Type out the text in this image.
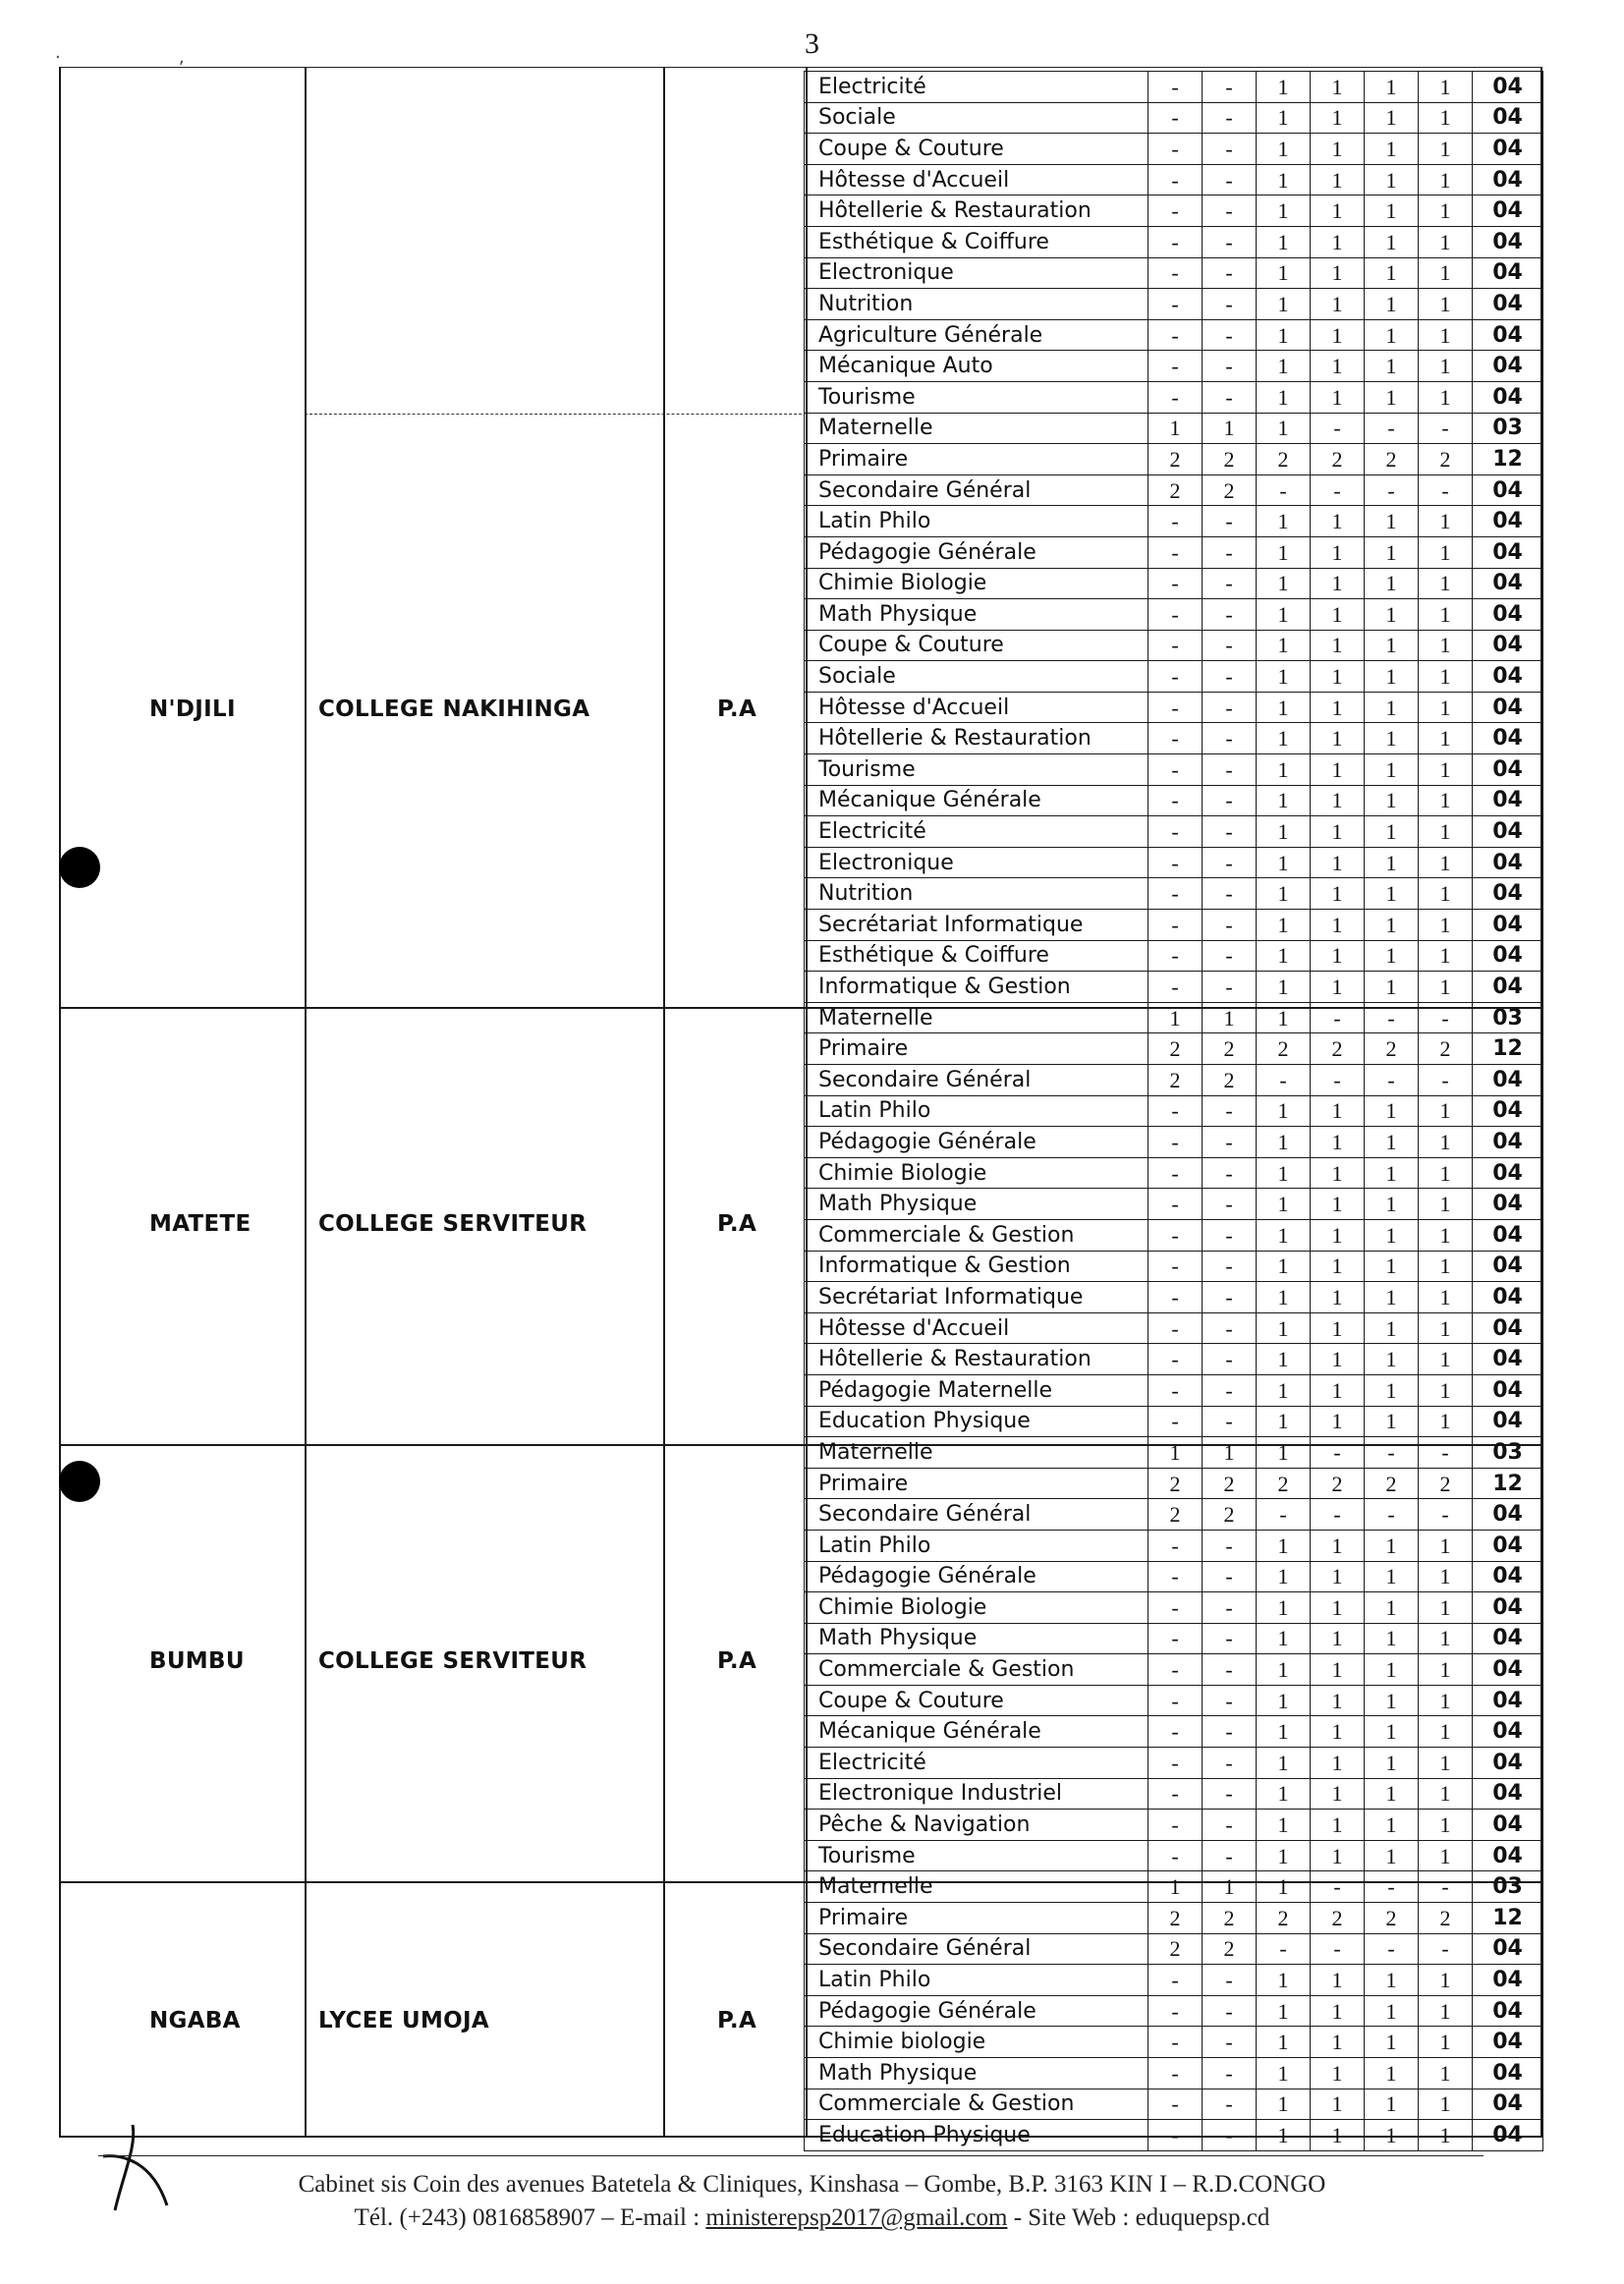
3
·                     ,
N'DJILI	COLLEGE NAKIHINGA	P.A
MATETE	COLLEGE SERVITEUR	P.A
BUMBU	COLLEGE SERVITEUR	P.A
NGABA	LYCEE UMOJA	P.A
Electricité	-	-	1	1	1	1	04
Sociale	-	-	1	1	1	1	04
Coupe & Couture	-	-	1	1	1	1	04
Hôtesse d'Accueil	-	-	1	1	1	1	04
Hôtellerie & Restauration	-	-	1	1	1	1	04
Esthétique & Coiffure	-	-	1	1	1	1	04
Electronique	-	-	1	1	1	1	04
Nutrition	-	-	1	1	1	1	04
Agriculture Générale	-	-	1	1	1	1	04
Mécanique Auto	-	-	1	1	1	1	04
Tourisme	-	-	1	1	1	1	04
Maternelle	1	1	1	-	-	-	03
Primaire	2	2	2	2	2	2	12
Secondaire Général	2	2	-	-	-	-	04
Latin Philo	-	-	1	1	1	1	04
Pédagogie Générale	-	-	1	1	1	1	04
Chimie Biologie	-	-	1	1	1	1	04
Math Physique	-	-	1	1	1	1	04
Coupe & Couture	-	-	1	1	1	1	04
Sociale	-	-	1	1	1	1	04
Hôtesse d'Accueil	-	-	1	1	1	1	04
Hôtellerie & Restauration	-	-	1	1	1	1	04
Tourisme	-	-	1	1	1	1	04
Mécanique Générale	-	-	1	1	1	1	04
Electricité	-	-	1	1	1	1	04
Electronique	-	-	1	1	1	1	04
Nutrition	-	-	1	1	1	1	04
Secrétariat Informatique	-	-	1	1	1	1	04
Esthétique & Coiffure	-	-	1	1	1	1	04
Informatique & Gestion	-	-	1	1	1	1	04
Maternelle	1	1	1	-	-	-	03
Primaire	2	2	2	2	2	2	12
Secondaire Général	2	2	-	-	-	-	04
Latin Philo	-	-	1	1	1	1	04
Pédagogie Générale	-	-	1	1	1	1	04
Chimie Biologie	-	-	1	1	1	1	04
Math Physique	-	-	1	1	1	1	04
Commerciale & Gestion	-	-	1	1	1	1	04
Informatique & Gestion	-	-	1	1	1	1	04
Secrétariat Informatique	-	-	1	1	1	1	04
Hôtesse d'Accueil	-	-	1	1	1	1	04
Hôtellerie & Restauration	-	-	1	1	1	1	04
Pédagogie Maternelle	-	-	1	1	1	1	04
Education Physique	-	-	1	1	1	1	04
Maternelle	1	1	1	-	-	-	03
Primaire	2	2	2	2	2	2	12
Secondaire Général	2	2	-	-	-	-	04
Latin Philo	-	-	1	1	1	1	04
Pédagogie Générale	-	-	1	1	1	1	04
Chimie Biologie	-	-	1	1	1	1	04
Math Physique	-	-	1	1	1	1	04
Commerciale & Gestion	-	-	1	1	1	1	04
Coupe & Couture	-	-	1	1	1	1	04
Mécanique Générale	-	-	1	1	1	1	04
Electricité	-	-	1	1	1	1	04
Electronique Industriel	-	-	1	1	1	1	04
Pêche & Navigation	-	-	1	1	1	1	04
Tourisme	-	-	1	1	1	1	04
Maternelle	1	1	1	-	-	-	03
Primaire	2	2	2	2	2	2	12
Secondaire Général	2	2	-	-	-	-	04
Latin Philo	-	-	1	1	1	1	04
Pédagogie Générale	-	-	1	1	1	1	04
Chimie biologie	-	-	1	1	1	1	04
Math Physique	-	-	1	1	1	1	04
Commerciale & Gestion	-	-	1	1	1	1	04
Education Physique	-	-	1	1	1	1	04
Cabinet sis Coin des avenues Batetela & Cliniques, Kinshasa – Gombe, B.P. 3163 KIN I – R.D.CONGO
Tél. (+243) 0816858907 – E-mail : ministerepsp2017@gmail.com - Site Web : eduquepsp.cd
